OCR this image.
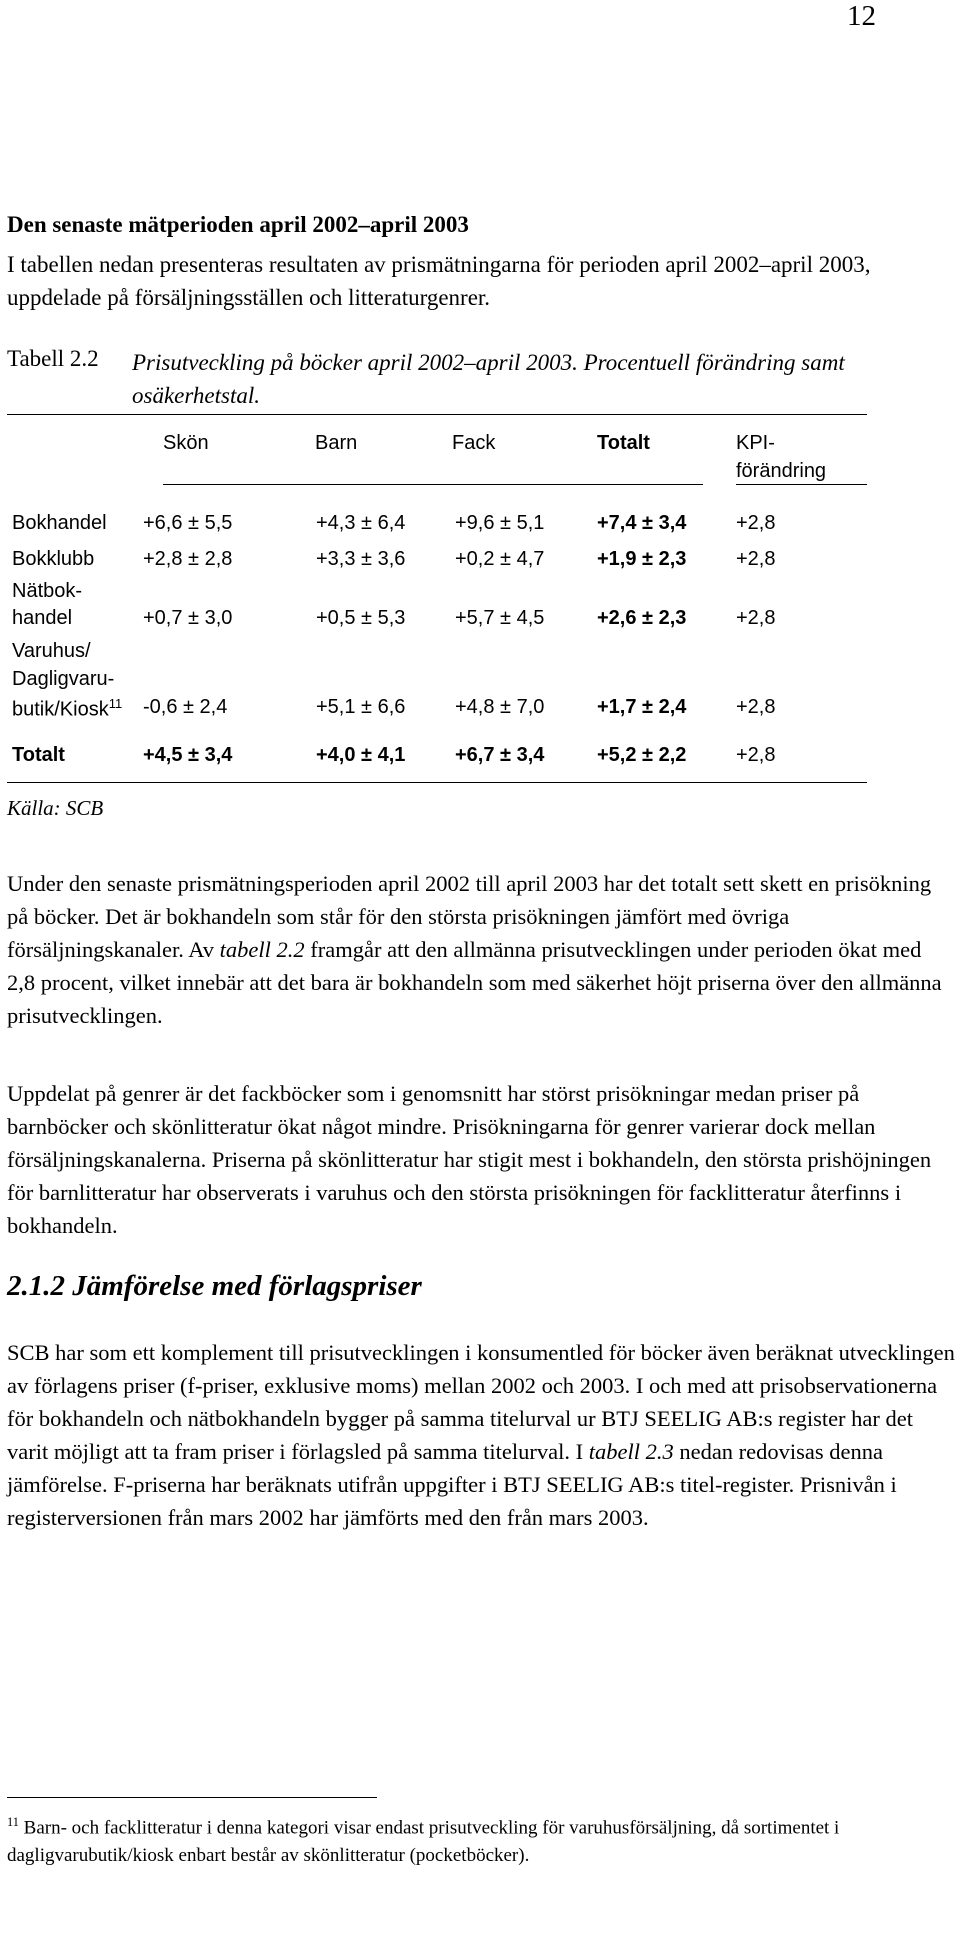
12
Den senaste mätperioden april 2002–april 2003
I tabellen nedan presenteras resultaten av prismätningarna för perioden april 2002–april 2003, uppdelade på försäljningsställen och litteraturgenrer.
Tabell 2.2 Prisutveckling på böcker april 2002–april 2003. Procentuell förändring samt osäkerhetstal.
Skön	Barn	Fack	Totalt	KPI-
förändring
Bokhandel +6,6 ± 5,5	+4,3 ± 6,4 +9,6 ± 5,1	+7,4 ± 3,4 +2,8
Bokklubb +2,8 ± 2,8	+3,3 ± 3,6 +0,2 ± 4,7	+1,9 ± 2,3 +2,8
Nätbok-
handel	+0,7 ± 3,0	+0,5 ± 5,3 +5,7 ± 4,5	+2,6 ± 2,3 +2,8
Varuhus/
Dagligvaru-
butik/Kiosk$^{11}$ -0,6 ± 2,4	+5,1 ± 6,6 +4,8 ± 7,0	+1,7 ± 2,4 +2,8
Totalt	+4,5 ± 3,4	+4,0 ± 4,1 +6,7 ± 3,4	+5,2 ± 2,2 +2,8
Källa: SCB
Under den senaste prismätningsperioden april 2002 till april 2003 har det totalt sett skett en prisökning på böcker. Det är bokhandeln som står för den största prisökningen jämfört med övriga försäljningskanaler. Av tabell 2.2 framgår att den allmänna prisutvecklingen under perioden ökat med 2,8 procent, vilket innebär att det bara är bokhandeln som med säkerhet höjt priserna över den allmänna prisutvecklingen.
Uppdelat på genrer är det fackböcker som i genomsnitt har störst prisökningar medan priser på barnböcker och skönlitteratur ökat något mindre. Prisökningarna för genrer varierar dock mellan försäljningskanalerna. Priserna på skönlitteratur har stigit mest i bokhandeln, den största prishöjningen för barnlitteratur har observerats i varuhus och den största prisökningen för facklitteratur återfinns i bokhandeln.
2.1.2 Jämförelse med förlagspriser
SCB har som ett komplement till prisutvecklingen i konsumentled för böcker även beräknat utvecklingen av förlagens priser (f-priser, exklusive moms) mellan 2002 och 2003. I och med att prisobservationerna för bokhandeln och nätbokhandeln bygger på samma titelurval ur BTJ SEELIG AB:s register har det varit möjligt att ta fram priser i förlagsled på samma titelurval. I tabell 2.3 nedan redovisas denna jämförelse. F-priserna har beräknats utifrån uppgifter i BTJ SEELIG AB:s titel-register. Prisnivån i registerversionen från mars 2002 har jämförts med den från mars 2003.
$^{11}$ Barn- och facklitteratur i denna kategori visar endast prisutveckling för varuhusförsäljning, då sortimentet i dagligvarubutik/kiosk enbart består av skönlitteratur (pocketböcker).
